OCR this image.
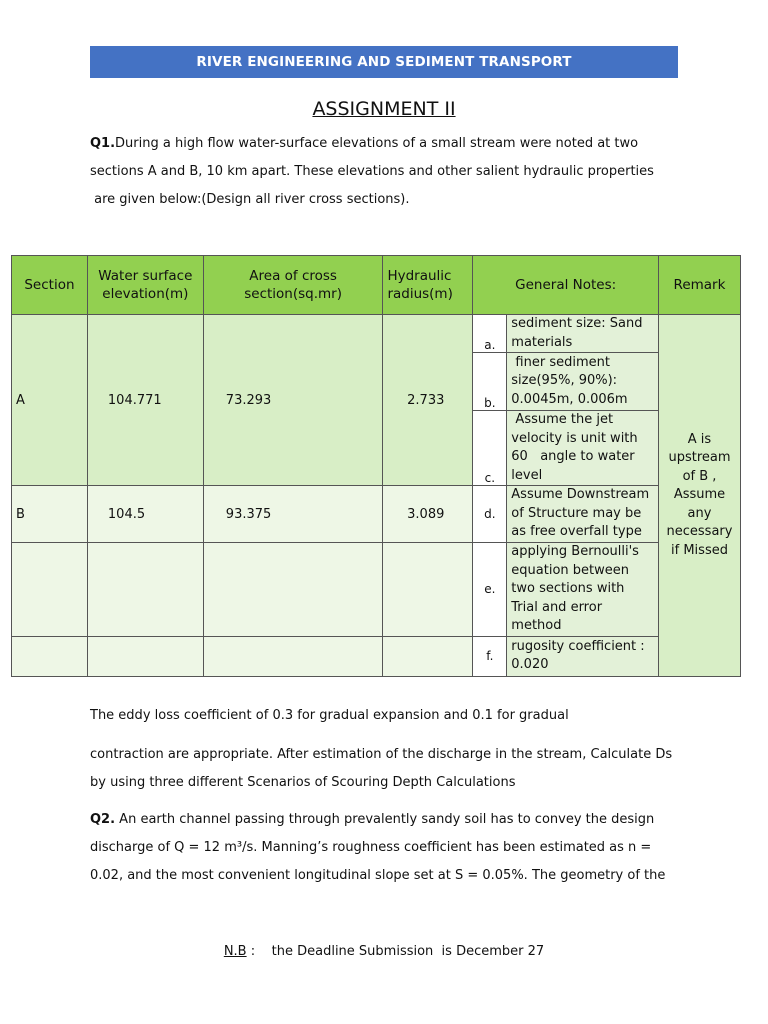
RIVER ENGINEERING AND SEDIMENT TRANSPORT
ASSIGNMENT II
Q1.During a high flow water-surface elevations of a small stream were noted at two
sections A and B, 10 km apart. These elevations and other salient hydraulic properties
are given below:(Design all river cross sections).
Section	Water surface elevation(m)	Area of cross section(sq.mr)	Hydraulic radius(m)	General Notes:		Remark
A	104.771	73.293	2.733	a.	sediment size: Sand materials	A is upstream of B , Assume any necessary if Missed
				b.	finer sediment size(95%, 90%): 0.0045m, 0.006m	
				c.	Assume the jet velocity is unit with 60   angle to water level	
B	104.5	93.375	3.089	d.	Assume Downstream of Structure may be as free overfall type	
				e.	applying Bernoulli's equation between two sections with Trial and error method	
				f.	rugosity coefficient : 0.020	
The eddy loss coefficient of 0.3 for gradual expansion and 0.1 for gradual
contraction are appropriate. After estimation of the discharge in the stream, Calculate Ds
by using three different Scenarios of Scouring Depth Calculations
Q2. An earth channel passing through prevalently sandy soil has to convey the design
discharge of Q = 12 m³/s. Manning’s roughness coefficient has been estimated as n =
0.02, and the most convenient longitudinal slope set at S = 0.05%. The geometry of the
N.B :    the Deadline Submission  is December 27
